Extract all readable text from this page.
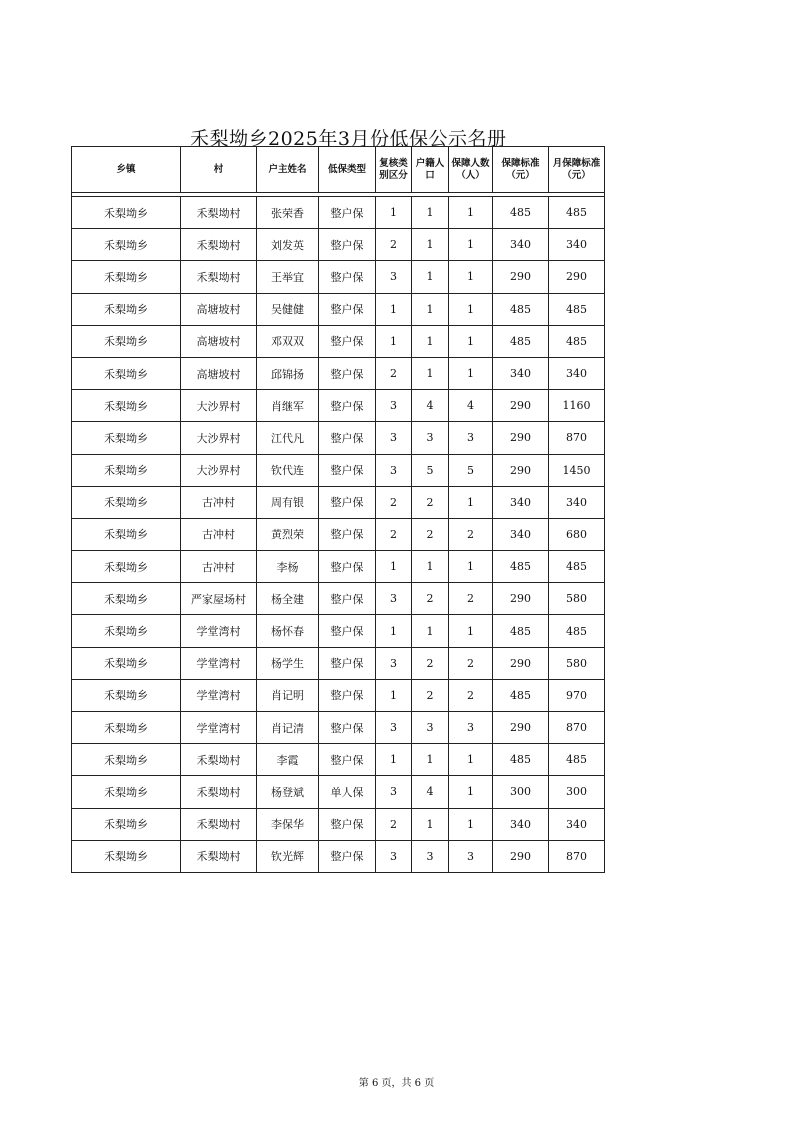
禾梨坳乡2025年3月份低保公示名册
乡镇	村	户主姓名	低保类型	复核类别区分	户籍人口	保障人数（人）	保障标准（元）	月保障标准（元）

禾梨坳乡	禾梨坳村	张荣香	整户保	1	1	1	485	485
禾梨坳乡	禾梨坳村	刘发英	整户保	2	1	1	340	340
禾梨坳乡	禾梨坳村	王举宜	整户保	3	1	1	290	290
禾梨坳乡	高塘坡村	吴健健	整户保	1	1	1	485	485
禾梨坳乡	高塘坡村	邓双双	整户保	1	1	1	485	485
禾梨坳乡	高塘坡村	邱锦扬	整户保	2	1	1	340	340
禾梨坳乡	大沙界村	肖继军	整户保	3	4	4	290	1160
禾梨坳乡	大沙界村	江代凡	整户保	3	3	3	290	870
禾梨坳乡	大沙界村	钦代连	整户保	3	5	5	290	1450
禾梨坳乡	古冲村	周有银	整户保	2	2	1	340	340
禾梨坳乡	古冲村	黄烈荣	整户保	2	2	2	340	680
禾梨坳乡	古冲村	李杨	整户保	1	1	1	485	485
禾梨坳乡	严家屋场村	杨全建	整户保	3	2	2	290	580
禾梨坳乡	学堂湾村	杨怀春	整户保	1	1	1	485	485
禾梨坳乡	学堂湾村	杨学生	整户保	3	2	2	290	580
禾梨坳乡	学堂湾村	肖记明	整户保	1	2	2	485	970
禾梨坳乡	学堂湾村	肖记清	整户保	3	3	3	290	870
禾梨坳乡	禾梨坳村	李霞	整户保	1	1	1	485	485
禾梨坳乡	禾梨坳村	杨登斌	单人保	3	4	1	300	300
禾梨坳乡	禾梨坳村	李保华	整户保	2	1	1	340	340
禾梨坳乡	禾梨坳村	钦光辉	整户保	3	3	3	290	870
第 6 页，共 6 页
